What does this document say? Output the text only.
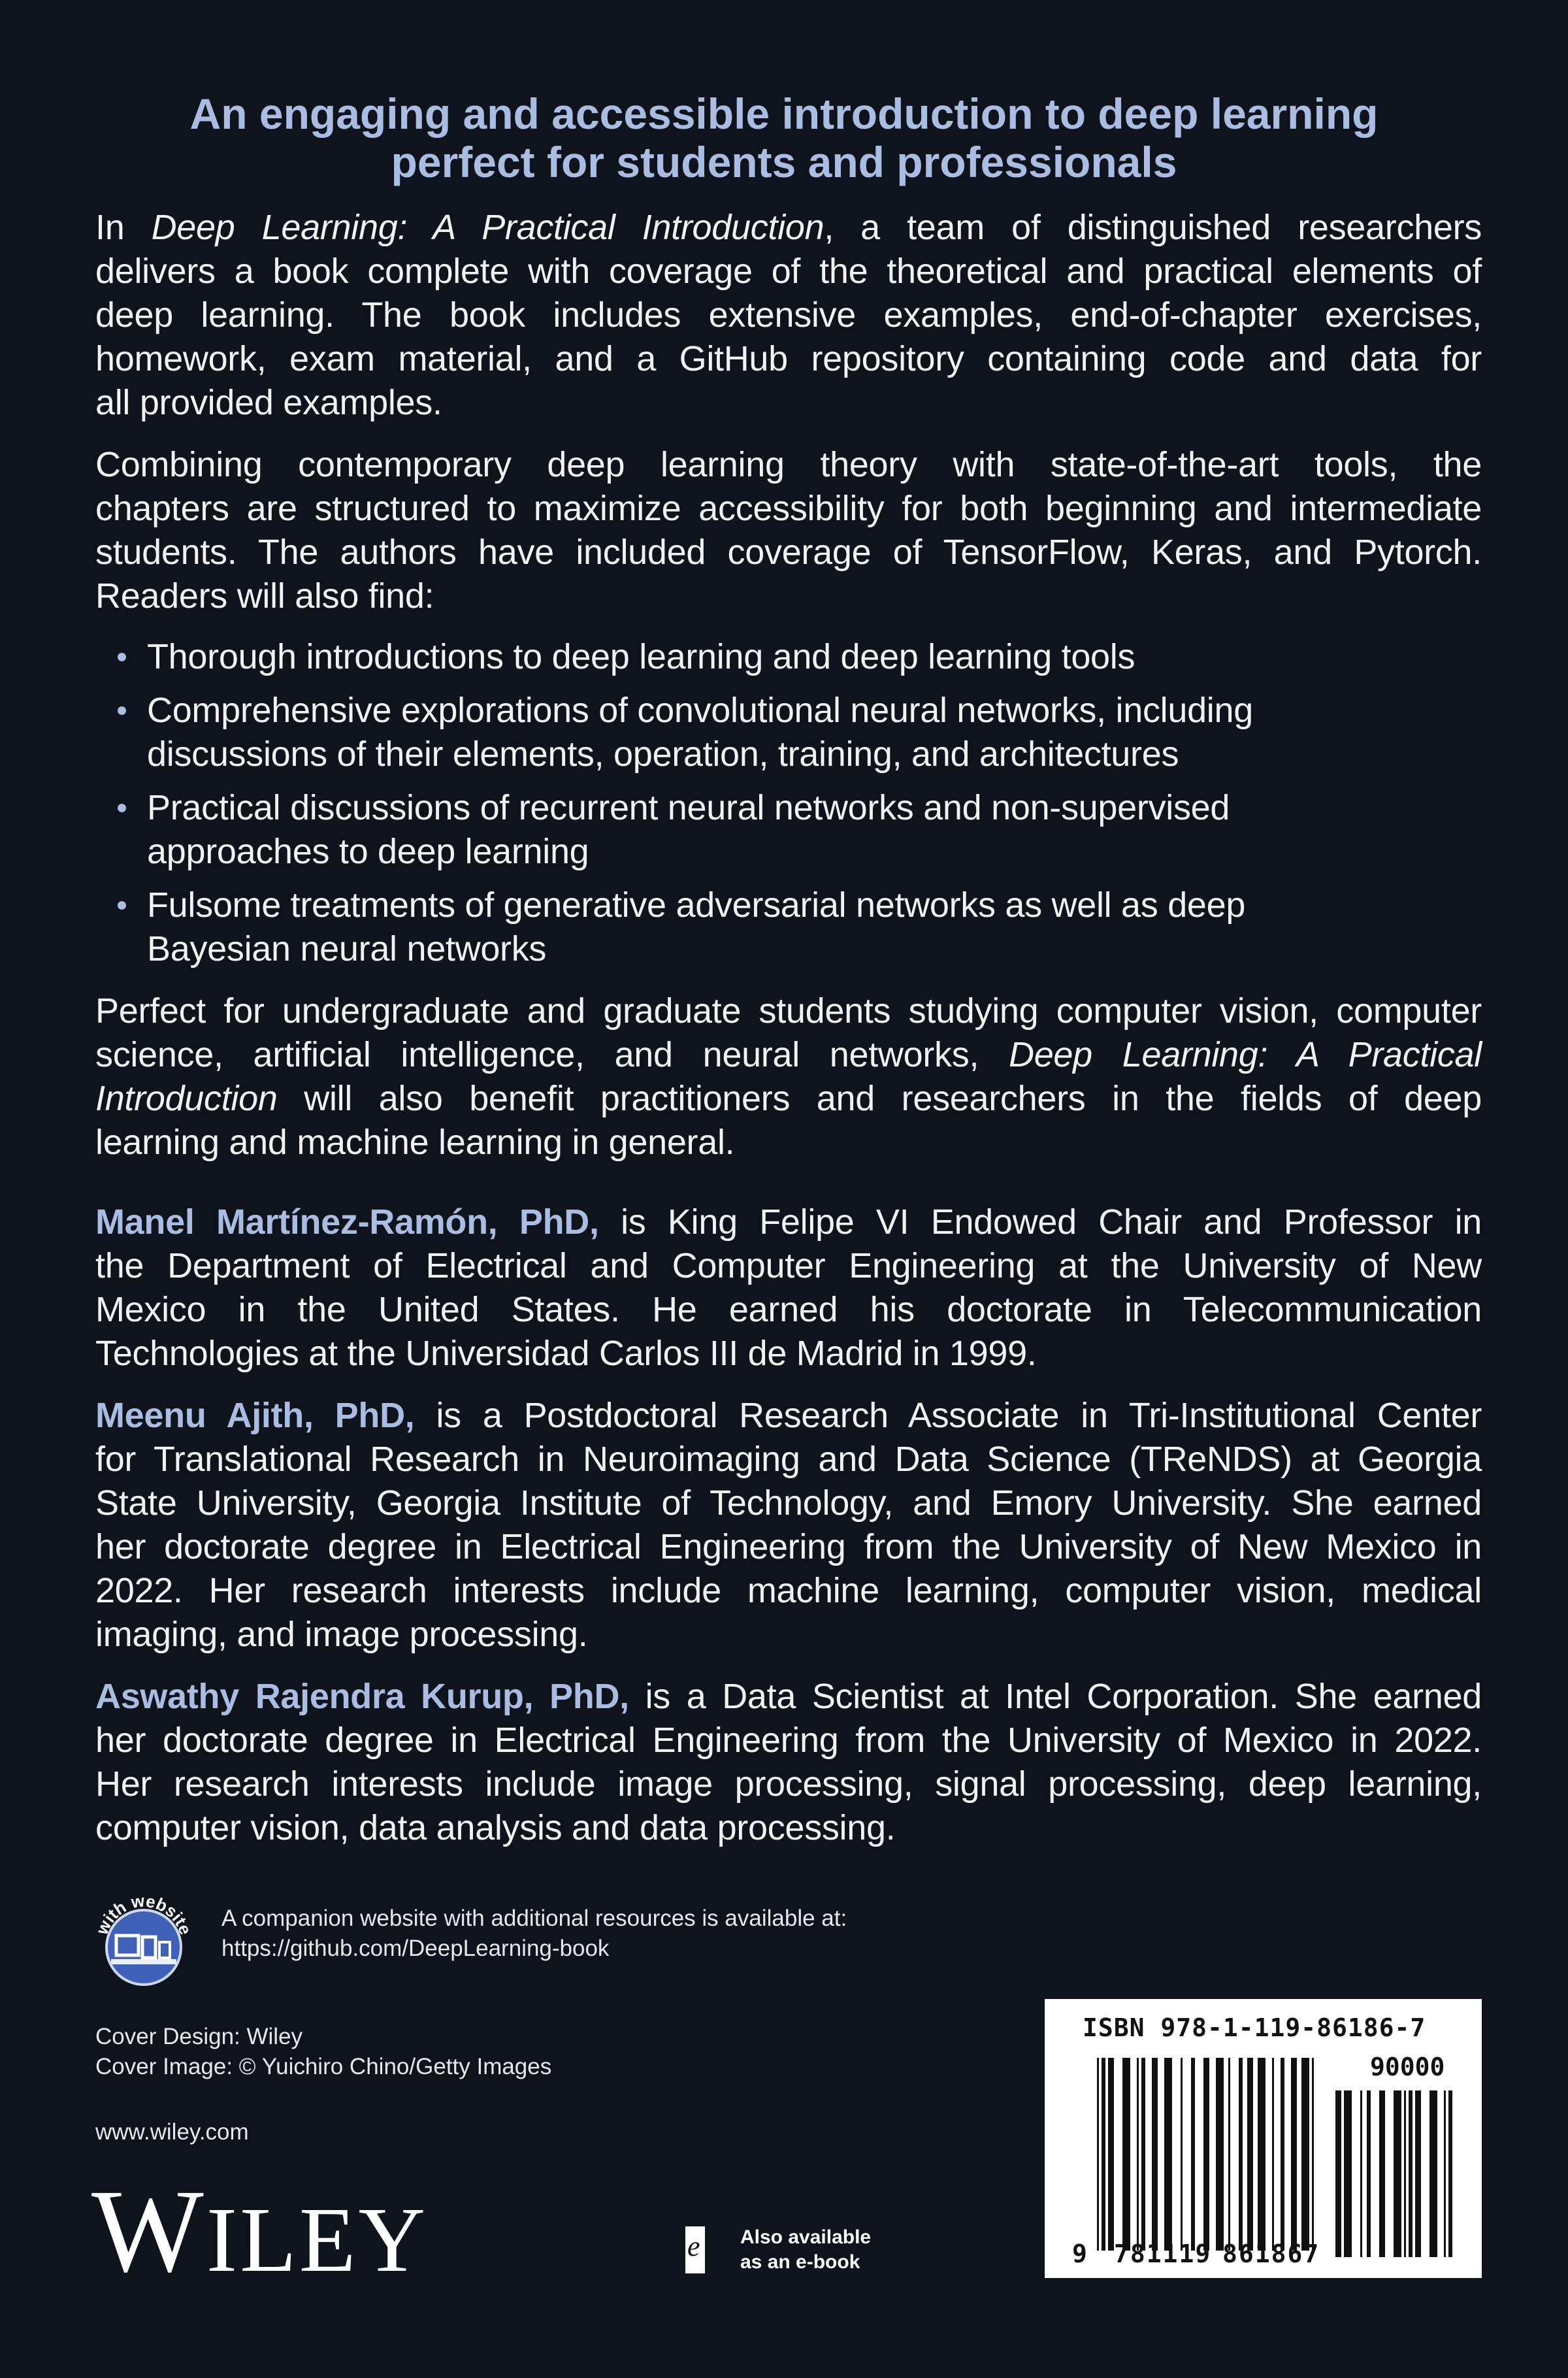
An engaging and accessible introduction to deep learning
perfect for students and professionals
In Deep Learning: A Practical Introduction, a team of distinguished researchers
delivers a book complete with coverage of the theoretical and practical elements of
deep learning. The book includes extensive examples, end-of-chapter exercises,
homework, exam material, and a GitHub repository containing code and data for
all provided examples.
Combining contemporary deep learning theory with state-of-the-art tools, the
chapters are structured to maximize accessibility for both beginning and intermediate
students. The authors have included coverage of TensorFlow, Keras, and Pytorch.
Readers will also find:
Thorough introductions to deep learning and deep learning tools
Comprehensive explorations of convolutional neural networks, including
discussions of their elements, operation, training, and architectures
Practical discussions of recurrent neural networks and non-supervised
approaches to deep learning
Fulsome treatments of generative adversarial networks as well as deep
Bayesian neural networks
Perfect for undergraduate and graduate students studying computer vision, computer
science, artificial intelligence, and neural networks, Deep Learning: A Practical
Introduction will also benefit practitioners and researchers in the fields of deep
learning and machine learning in general.
Manel Martínez-Ramón, PhD, is King Felipe VI Endowed Chair and Professor in
the Department of Electrical and Computer Engineering at the University of New
Mexico in the United States. He earned his doctorate in Telecommunication
Technologies at the Universidad Carlos III de Madrid in 1999.
Meenu Ajith, PhD, is a Postdoctoral Research Associate in Tri-Institutional Center
for Translational Research in Neuroimaging and Data Science (TReNDS) at Georgia
State University, Georgia Institute of Technology, and Emory University. She earned
her doctorate degree in Electrical Engineering from the University of New Mexico in
2022. Her research interests include machine learning, computer vision, medical
imaging, and image processing.
Aswathy Rajendra Kurup, PhD, is a Data Scientist at Intel Corporation. She earned
her doctorate degree in Electrical Engineering from the University of Mexico in 2022.
Her research interests include image processing, signal processing, deep learning,
computer vision, data analysis and data processing.
with website A companion website with additional resources is available at:
https://github.com/DeepLearning-book
Cover Design: Wiley
Cover Image: © Yuichiro Chino/Getty Images
www.wiley.com
WILEY	e Also available
as an e-book
ISBN 978-1-119-86186-7
90000
9 781119 861867
